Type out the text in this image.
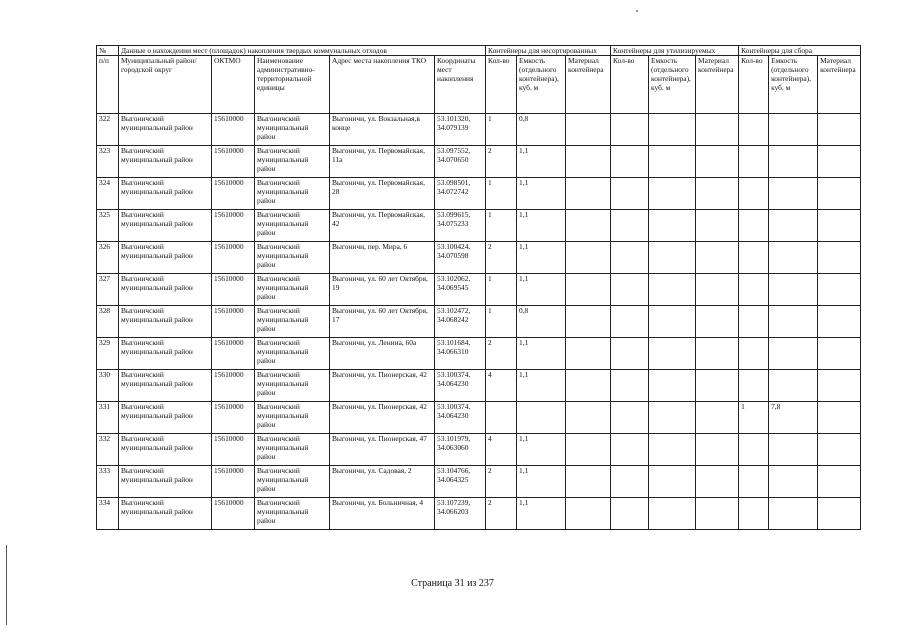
№	Данные о нахождении мест (площадок) накопления твердых коммунальных отходов					Контейнеры для несортированных			Контейнеры для утилизируемых			Контейнеры для сбора		
п/п	Муниципальный район/городской округ	ОКТМО	Наименование административно-территориальной единицы	Адрес места накопления ТКО	Координаты мест накопления	Кол-во	Емкость (отдельного контейнера), куб. м	Материал контейнера	Кол-во	Емкость (отдельного контейнера), куб. м	Материал контейнера	Кол-во	Емкость (отдельного контейнера), куб. м	Материал контейнера
322	Выгоничский муниципальный район	15610000	Выгоничский муниципальный район	Выгоничи, ул. Вокзальная,в конце	53.101320, 34.079139	1	0,8							
323	Выгоничский муниципальный район	15610000	Выгоничский муниципальный район	Выгоничи, ул. Первомайская, 11а	53.097552, 34.070650	2	1,1							
324	Выгоничский муниципальный район	15610000	Выгоничский муниципальный район	Выгоничи, ул. Первомайская, 28	53.098501, 34.072742	1	1,1							
325	Выгоничский муниципальный район	15610000	Выгоничский муниципальный район	Выгоничи, ул. Первомайская, 42	53.099615, 34.075233	1	1,1							
326	Выгоничский муниципальный район	15610000	Выгоничский муниципальный район	Выгоничи, пер. Мира, 6	53.100424, 34.070598	2	1,1							
327	Выгоничский муниципальный район	15610000	Выгоничский муниципальный район	Выгоничи, ул. 60 лет Октября, 19	53.102062, 34.069545	1	1,1							
328	Выгоничский муниципальный район	15610000	Выгоничский муниципальный район	Выгоничи, ул. 60 лет Октября, 17	53.102472, 34.068242	1	0,8							
329	Выгоничский муниципальный район	15610000	Выгоничский муниципальный район	Выгоничи, ул. Ленина, 60а	53.101684, 34.066310	2	1,1							
330	Выгоничский муниципальный район	15610000	Выгоничский муниципальный район	Выгоничи, ул. Пионерская, 42	53.100374, 34.064230	4	1,1							
331	Выгоничский муниципальный район	15610000	Выгоничский муниципальный район	Выгоничи, ул. Пионерская, 42	53.100374, 34.064230							1	7,8	
332	Выгоничский муниципальный район	15610000	Выгоничский муниципальный район	Выгоничи, ул. Пионерская, 47	53.101979, 34.063060	4	1,1							
333	Выгоничский муниципальный район	15610000	Выгоничский муниципальный район	Выгоничи, ул. Садовая, 2	53.104766, 34.064325	2	1,1							
334	Выгоничский муниципальный район	15610000	Выгоничский муниципальный район	Выгоничи, ул. Больничная, 4	53.107239, 34.066203	2	1,1							
Страница 31 из 237
